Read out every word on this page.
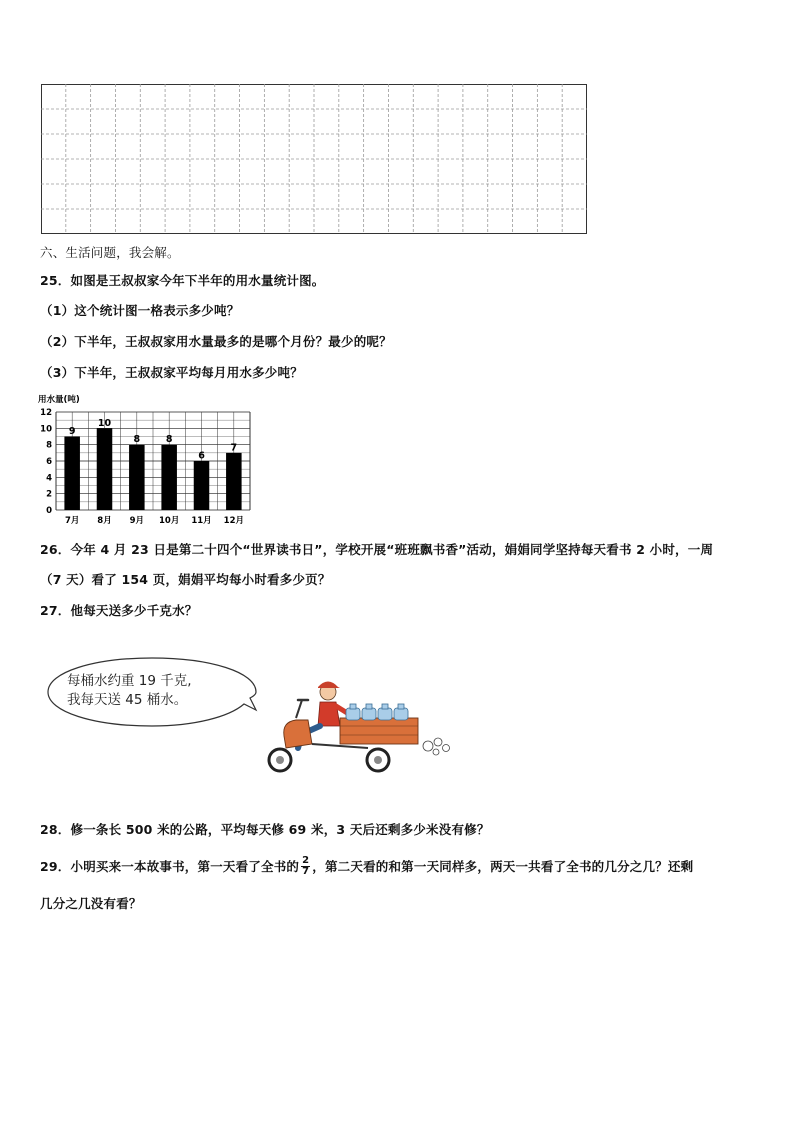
六、生活问题，我会解。
25．如图是王叔叔家今年下半年的用水量统计图。
（1）这个统计图一格表示多少吨？
（2）下半年，王叔叔家用水量最多的是哪个月份？最少的呢？
（3）下半年，王叔叔家平均每月用水多少吨？
用水量(吨)
0
2
4
6
8
10
12
9
7月
10
8月
8
9月
8
10月
6
11月
7
12月
26．今年 4 月 23 日是第二十四个“世界读书日”，学校开展“班班飘书香”活动，娟娟同学坚持每天看书 2 小时，一周
（7 天）看了 154 页，娟娟平均每小时看多少页？
27．他每天送多少千克水？
每桶水约重 19 千克,
我每天送 45 桶水。
28．修一条长 500 米的公路，平均每天修 69 米，3 天后还剩多少米没有修？
29．小明买来一本故事书，第一天看了全书的 $\frac{2}{7}$ ，第二天看的和第一天同样多，两天一共看了全书的几分之几？还剩
几分之几没有看？
